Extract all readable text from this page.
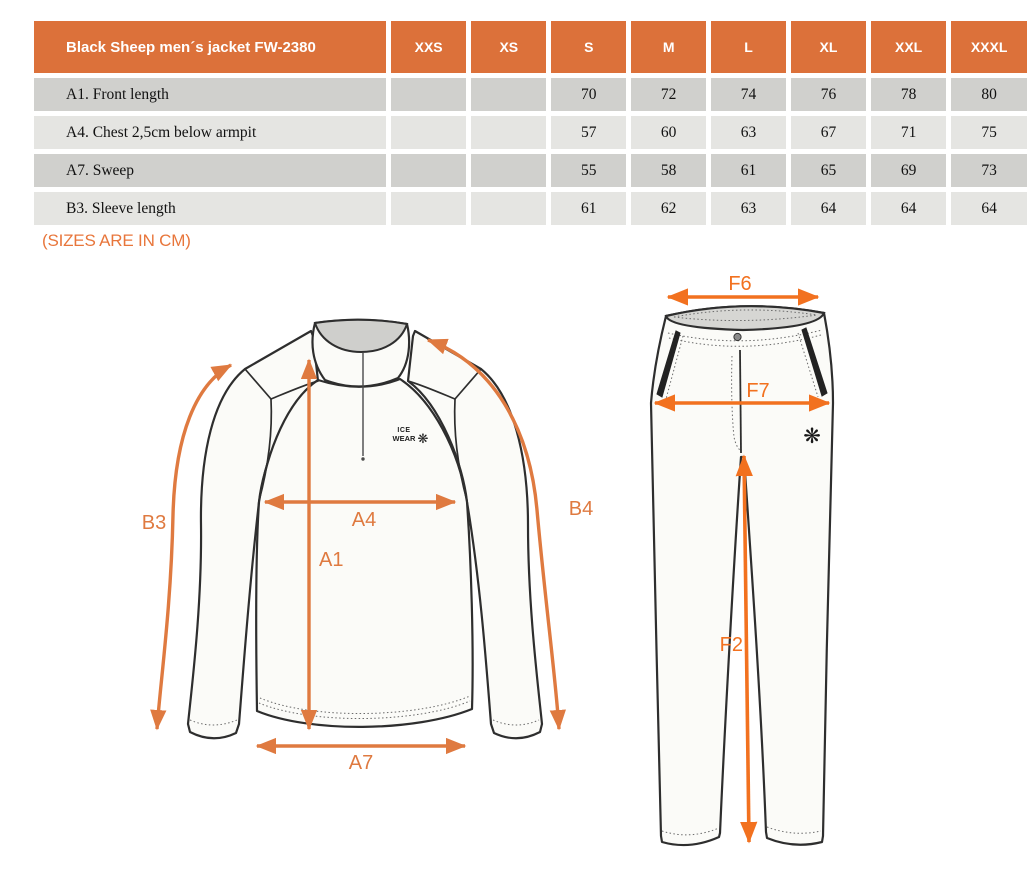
Black Sheep men´s jacket FW-2380	XXS	XS	S	M	L	XL	XXL	XXXL
A1. Front length			70	72	74	76	78	80
A4. Chest 2,5cm below armpit			57	60	63	67	71	75
A7. Sweep			55	58	61	65	69	73
B3. Sleeve length			61	62	63	64	64	64
(SIZES ARE IN CM)
ICE
WEAR ❋
B3
B4
A4
A1
A7
❋
F6
F7
F2
